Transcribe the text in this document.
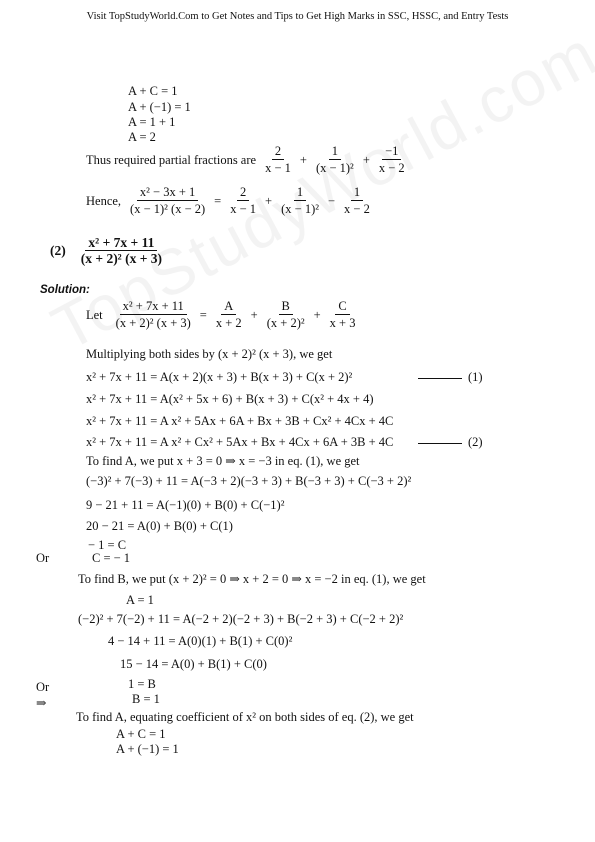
Visit TopStudyWorld.Com to Get Notes and Tips to Get High Marks in SSC, HSSC, and Entry Tests
A + C = 1
A + (−1) = 1
A = 1 + 1
A = 2
Thus required partial fractions are $\frac{2}{x - 1} + \frac{1}{\text{(x − 1)²}} + \frac{-1}{x - 2}$
Hence, $\frac{\text{x² − 3x + 1}}{\text{(x − 1)² (x − 2)}} = \frac{2}{x - 1} + \frac{1}{\text{(x − 1)²}} - \frac{1}{x - 2}$
$(2) \frac{\text{x² + 7x + 11}}{\text{(x + 2)² (x + 3)}}$
Solution:
Let $\frac{\text{x² + 7x + 11}}{\text{(x + 2)² (x + 3)}} = \frac{A}{x + 2} + \frac{B}{\text{(x + 2)²}} + \frac{C}{x + 3}$
Multiplying both sides by (x + 2)² (x + 3), we get
x² + 7x + 11 = A(x + 2)(x + 3) + B(x + 3) + C(x + 2)²	(1)
x² + 7x + 11 = A(x² + 5x + 6) + B(x + 3) + C(x² + 4x + 4)
x² + 7x + 11 = A x² + 5Ax + 6A + Bx + 3B + Cx² + 4Cx + 4C
x² + 7x + 11 = A x² + Cx² + 5Ax + Bx + 4Cx + 6A + 3B + 4C	(2)
To find A, we put x + 3 = 0 ⇒ x = −3 in eq. (1), we get
(−3)² + 7(−3) + 11 = A(−3 + 2)(−3 + 3) + B(−3 + 3) + C(−3 + 2)²
9 − 21 + 11 = A(−1)(0) + B(0) + C(−1)²
20 − 21 = A(0) + B(0) + C(1)
− 1 = C
Or	C = − 1
To find B, we put (x + 2)² = 0 ⇒ x + 2 = 0 ⇒ x = −2 in eq. (1), we get
A = 1
(−2)² + 7(−2) + 11 = A(−2 + 2)(−2 + 3) + B(−2 + 3) + C(−2 + 2)²
4 − 14 + 11 = A(0)(1) + B(1) + C(0)²
15 − 14 = A(0) + B(1) + C(0)
Or	1 = B
⇒	B = 1
To find A, equating coefficient of x² on both sides of eq. (2), we get
A + C = 1
A + (−1) = 1
